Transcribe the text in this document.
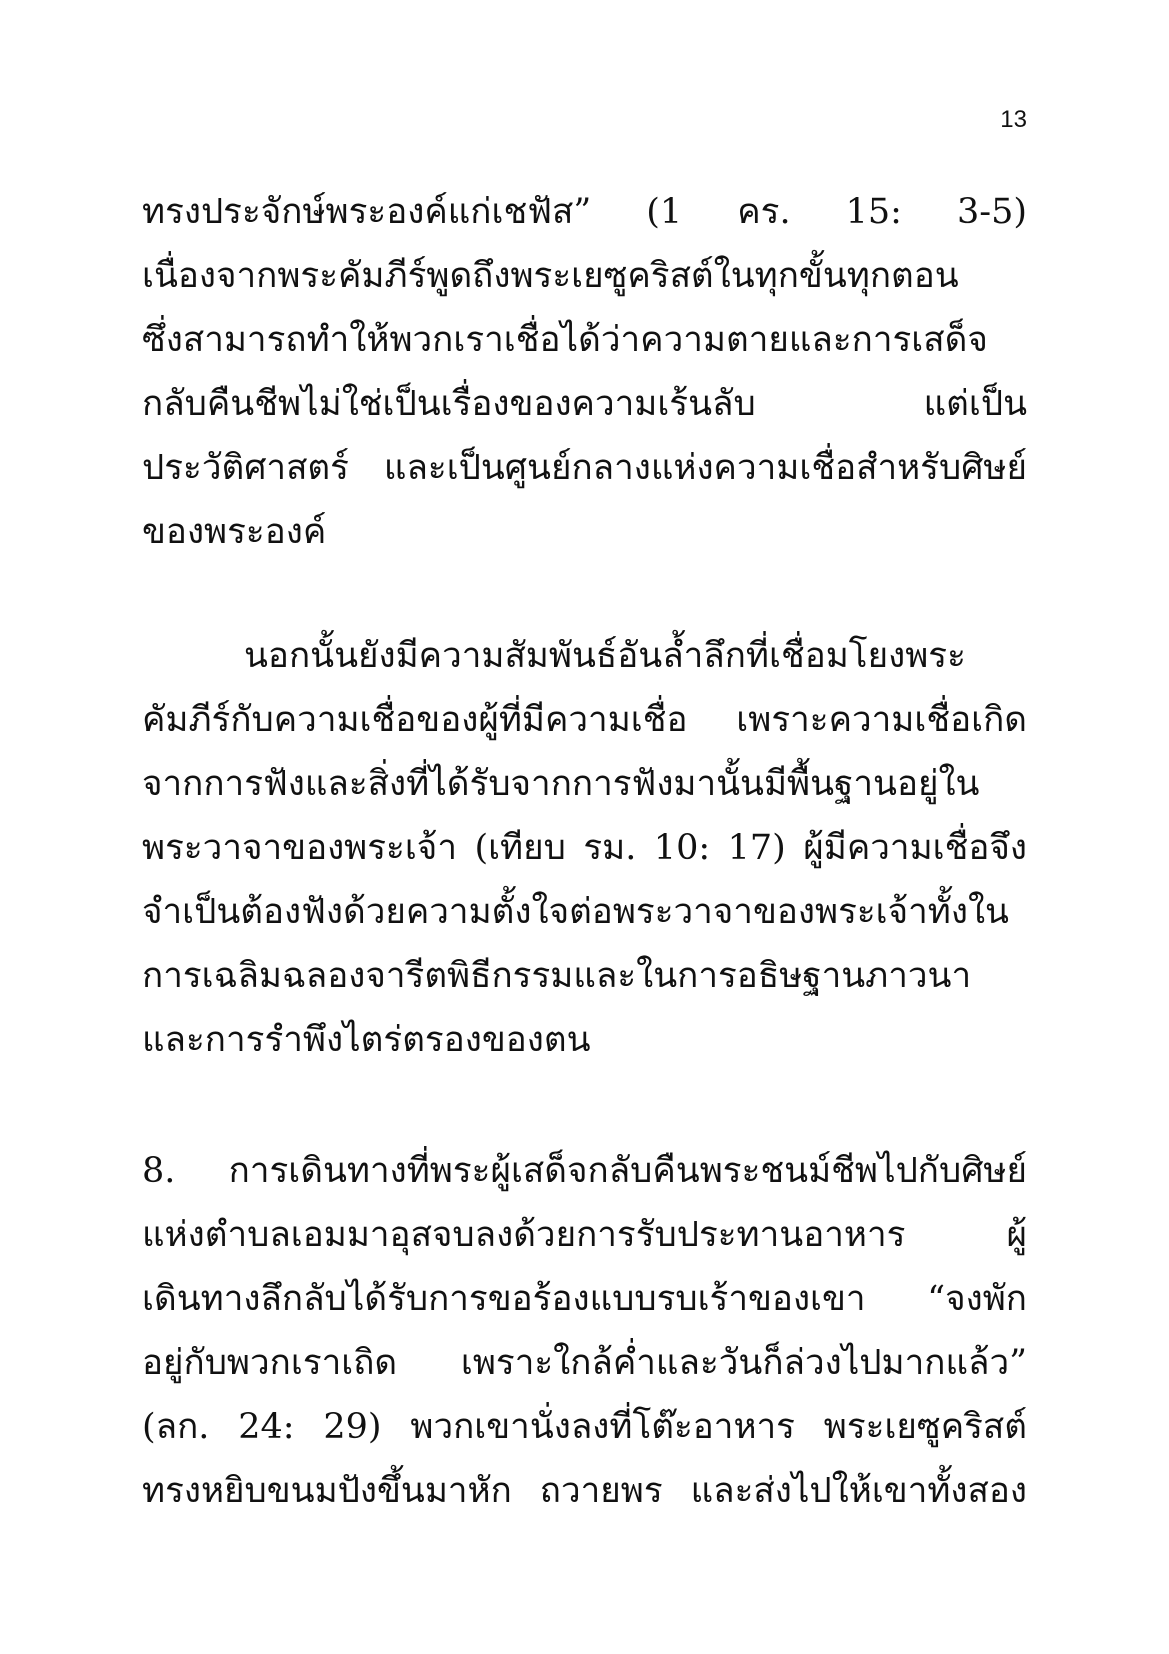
13
ทรงประจักษ์พระองค์แก่เชฟัส” (1 คร. 15: 3-5)
เนื่องจากพระคัมภีร์พูดถึงพระเยซูคริสต์ในทุกขั้นทุกตอน
ซึ่งสามารถทำให้พวกเราเชื่อได้ว่าความตายและการเสด็จ
กลับคืนชีพไม่ใช่เป็นเรื่องของความเร้นลับ แต่เป็น
ประวัติศาสตร์ และเป็นศูนย์กลางแห่งความเชื่อสำหรับศิษย์
ของพระองค์
นอกนั้นยังมีความสัมพันธ์อันล้ำลึกที่เชื่อมโยงพระ
คัมภีร์กับความเชื่อของผู้ที่มีความเชื่อ เพราะความเชื่อเกิด
จากการฟังและสิ่งที่ได้รับจากการฟังมานั้นมีพื้นฐานอยู่ใน
พระวาจาของพระเจ้า (เทียบ รม. 10: 17) ผู้มีความเชื่อจึง
จำเป็นต้องฟังด้วยความตั้งใจต่อพระวาจาของพระเจ้าทั้งใน
การเฉลิมฉลองจารีตพิธีกรรมและในการอธิษฐานภาวนา
และการรำพึงไตร่ตรองของตน
8. การเดินทางที่พระผู้เสด็จกลับคืนพระชนม์ชีพไปกับศิษย์
แห่งตำบลเอมมาอุสจบลงด้วยการรับประทานอาหาร ผู้
เดินทางลึกลับได้รับการขอร้องแบบรบเร้าของเขา “จงพัก
อยู่กับพวกเราเถิด เพราะใกล้ค่ำและวันก็ล่วงไปมากแล้ว”
(ลก. 24: 29) พวกเขานั่งลงที่โต๊ะอาหาร พระเยซูคริสต์
ทรงหยิบขนมปังขึ้นมาหัก ถวายพร และส่งไปให้เขาทั้งสอง
